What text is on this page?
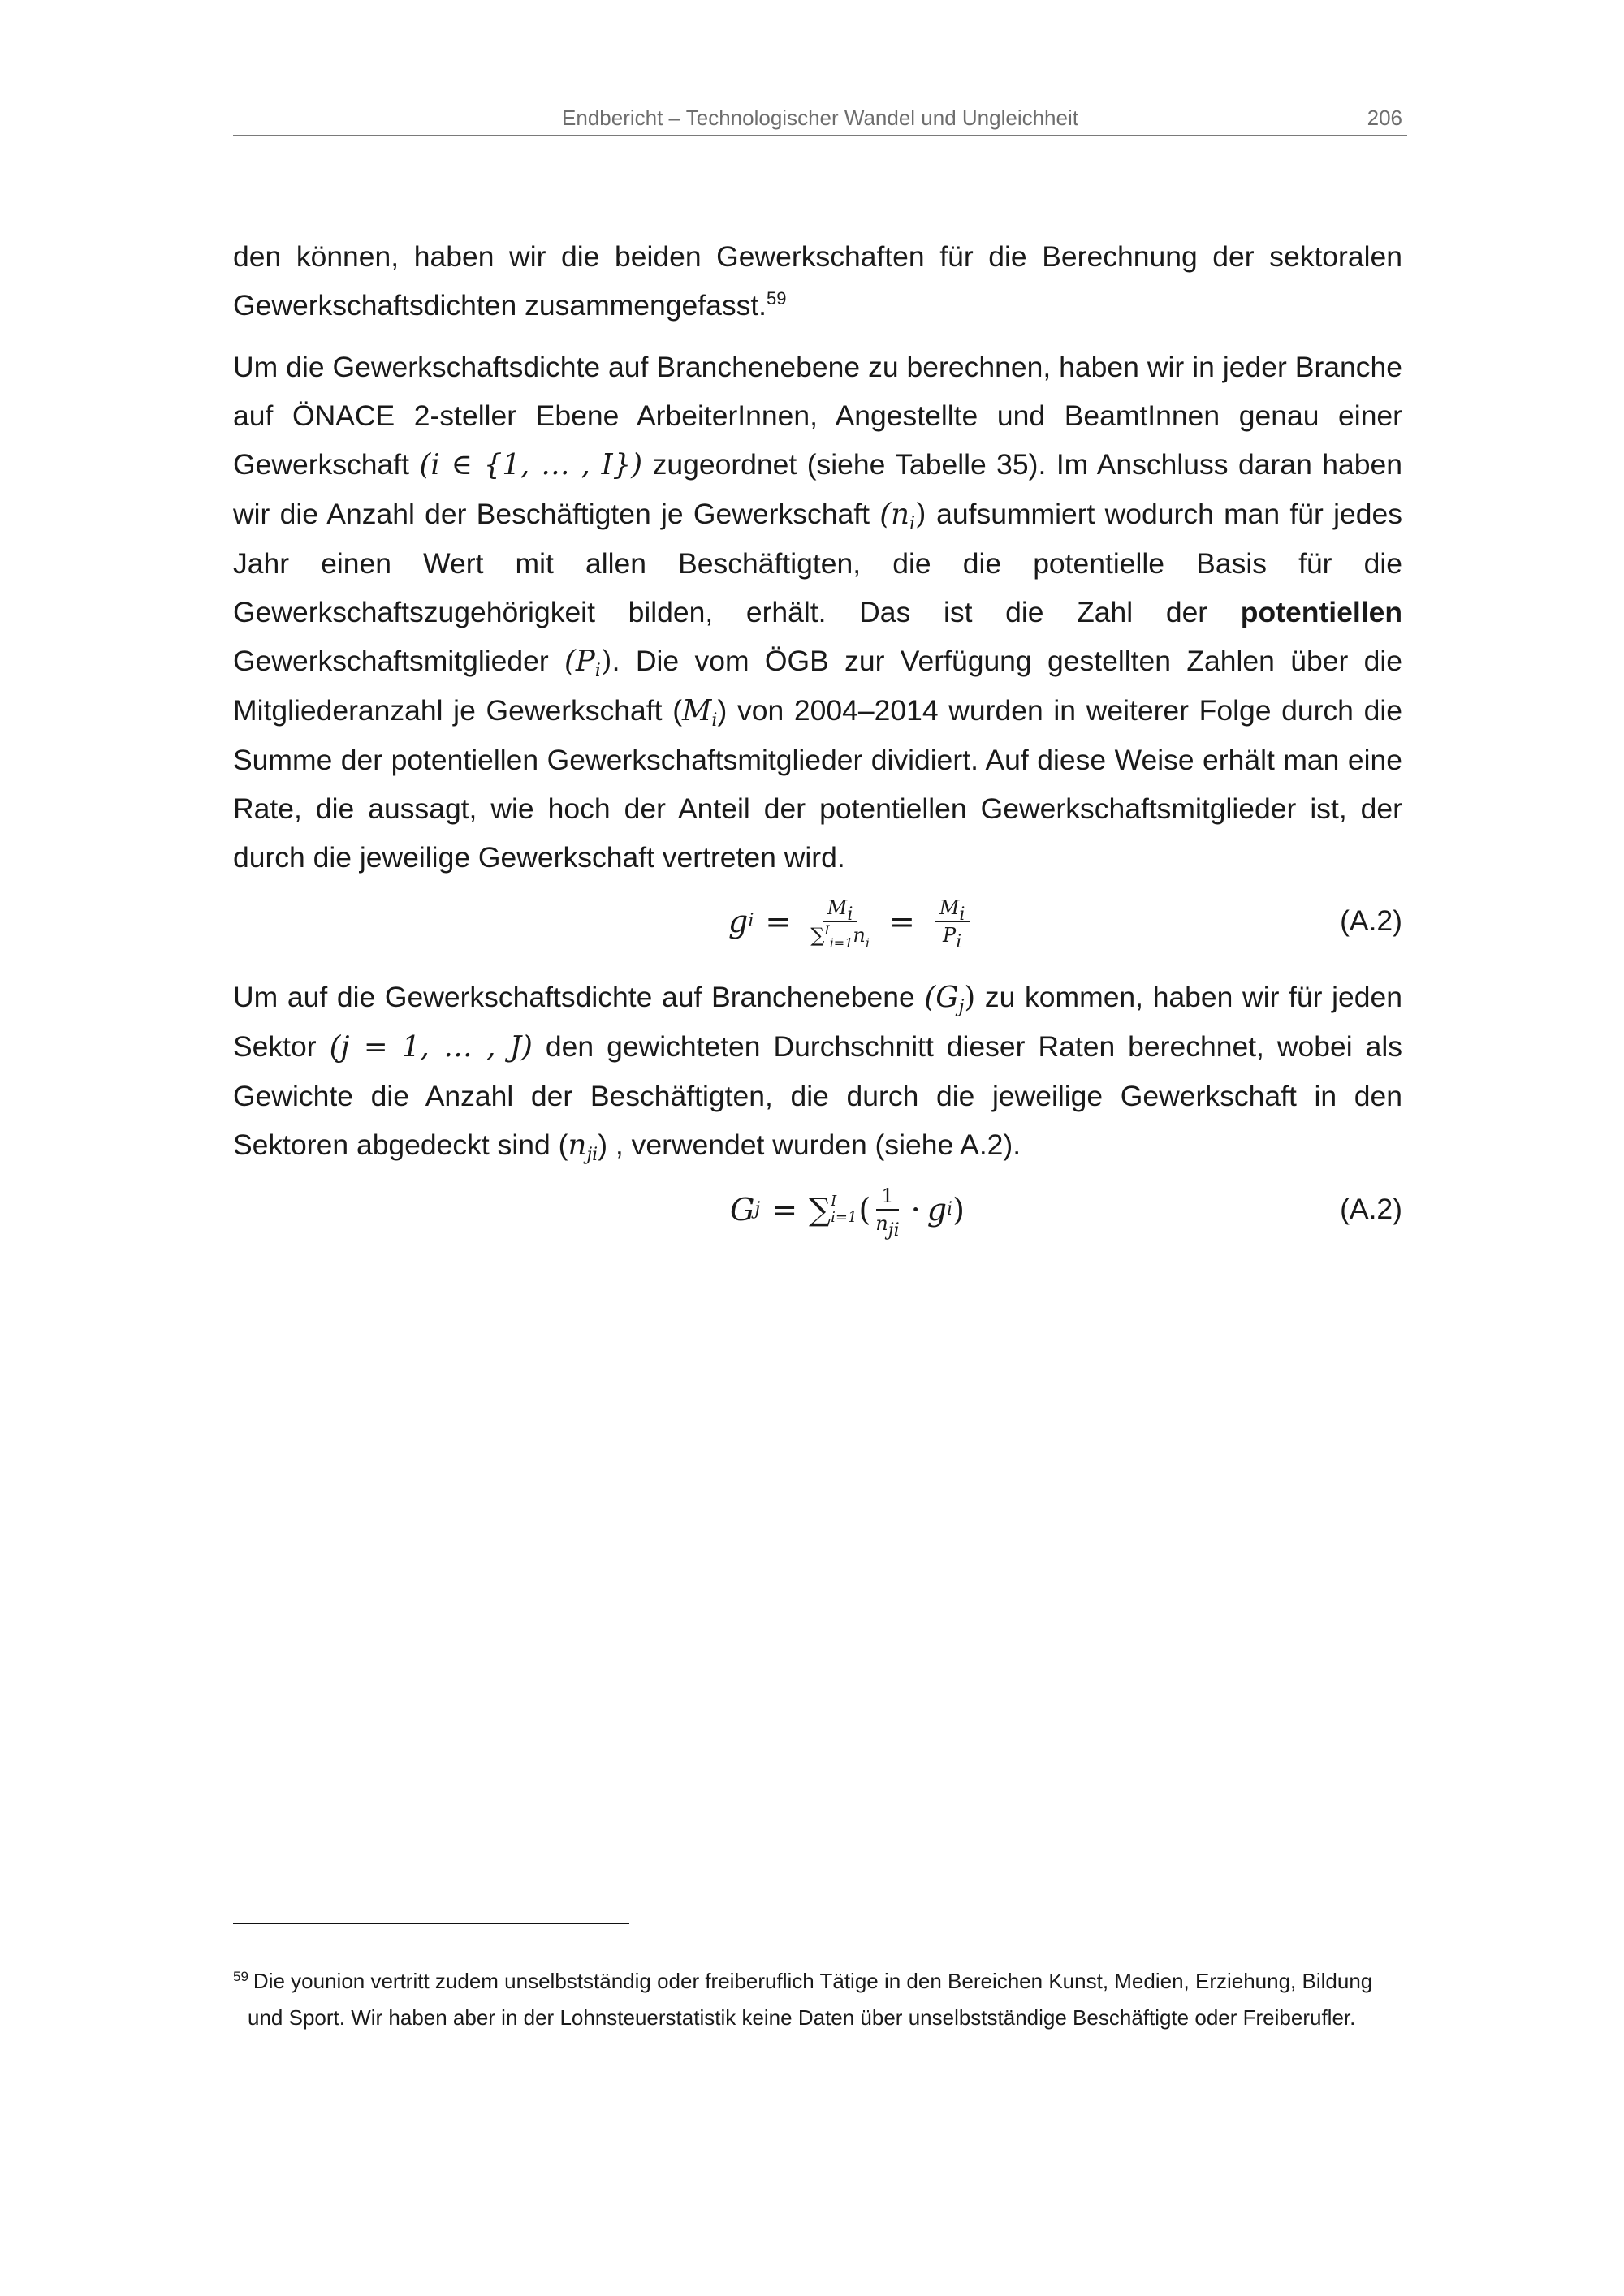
Endbericht – Technologischer Wandel und Ungleichheit	206

den können, haben wir die beiden Gewerkschaften für die Berechnung der sektoralen Gewerkschaftsdichten zusammengefasst.$^{59}$

Um die Gewerkschaftsdichte auf Branchenebene zu berechnen, haben wir in jeder Branche auf ÖNACE 2-steller Ebene ArbeiterInnen, Angestellte und BeamtInnen genau einer Gewerkschaft (i ∈ {1, … , I}) zugeordnet (siehe Tabelle 35). Im Anschluss daran haben wir die Anzahl der Beschäftigten je Gewerkschaft $(n_i)$ aufsummiert wodurch man für jedes Jahr einen Wert mit allen Beschäftigten, die die potentielle Basis für die Gewerkschaftszugehörigkeit bilden, erhält. Das ist die Zahl der potentiellen Gewerkschaftsmitglieder $(P_i)$. Die vom ÖGB zur Verfügung gestellten Zahlen über die Mitgliederanzahl je Gewerkschaft $(M_i)$ von 2004–2014 wurden in weiterer Folge durch die Summe der potentiellen Gewerkschaftsmitglieder dividiert. Auf diese Weise erhält man eine Rate, die aussagt, wie hoch der Anteil der potentiellen Gewerkschaftsmitglieder ist, der durch die jeweilige Gewerkschaft vertreten wird.

g $i = \frac{M_i}{\sum^I_{i=1}n_i} = \frac{M_i}{P_i}$	(A.2)

Um auf die Gewerkschaftsdichte auf Branchenebene $(G_j)$ zu kommen, haben wir für jeden Sektor (j = 1, … , J) den gewichteten Durchschnitt dieser Raten berechnet, wobei als Gewichte die Anzahl der Beschäftigten, die durch die jeweilige Gewerkschaft in den Sektoren abgedeckt sind $(n_{ji})$ , verwendet wurden (siehe A.2).

G j = ∑ I
i=1 ( $\frac{1}{n_{ji}} \cdot g$ i )	(A.2)
$^{59}$ Die younion vertritt zudem unselbstständig oder freiberuflich Tätige in den Bereichen Kunst, Medien, Erziehung, Bildung und Sport. Wir haben aber in der Lohnsteuerstatistik keine Daten über unselbstständige Beschäftigte oder Freiberufler.
